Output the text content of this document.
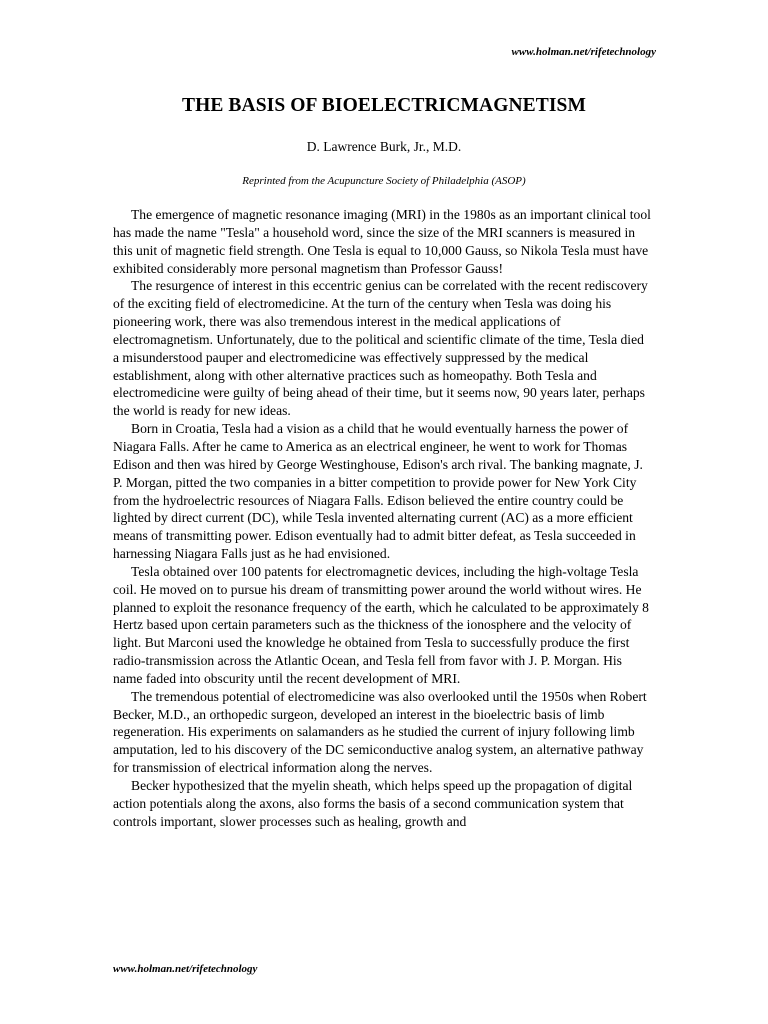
www.holman.net/rifetechnology
THE BASIS OF BIOELECTRICMAGNETISM
D. Lawrence Burk, Jr., M.D.
Reprinted from the Acupuncture Society of Philadelphia (ASOP)

The emergence of magnetic resonance imaging (MRI) in the 1980s as an important clinical tool has made the name "Tesla" a household word, since the size of the MRI scanners is measured in this unit of magnetic field strength. One Tesla is equal to 10,000 Gauss, so Nikola Tesla must have exhibited considerably more personal magnetism than Professor Gauss!

The resurgence of interest in this eccentric genius can be correlated with the recent rediscovery of the exciting field of electromedicine. At the turn of the century when Tesla was doing his pioneering work, there was also tremendous interest in the medical applications of electromagnetism. Unfortunately, due to the political and scientific climate of the time, Tesla died a misunderstood pauper and electromedicine was effectively suppressed by the medical establishment, along with other alternative practices such as homeopathy. Both Tesla and electromedicine were guilty of being ahead of their time, but it seems now, 90 years later, perhaps the world is ready for new ideas.

Born in Croatia, Tesla had a vision as a child that he would eventually harness the power of Niagara Falls. After he came to America as an electrical engineer, he went to work for Thomas Edison and then was hired by George Westinghouse, Edison's arch rival. The banking magnate, J. P. Morgan, pitted the two companies in a bitter competition to provide power for New York City from the hydroelectric resources of Niagara Falls. Edison believed the entire country could be lighted by direct current (DC), while Tesla invented alternating current (AC) as a more efficient means of transmitting power. Edison eventually had to admit bitter defeat, as Tesla succeeded in harnessing Niagara Falls just as he had envisioned.

Tesla obtained over 100 patents for electromagnetic devices, including the high-voltage Tesla coil. He moved on to pursue his dream of transmitting power around the world without wires. He planned to exploit the resonance frequency of the earth, which he calculated to be approximately 8 Hertz based upon certain parameters such as the thickness of the ionosphere and the velocity of light. But Marconi used the knowledge he obtained from Tesla to successfully produce the first radio-transmission across the Atlantic Ocean, and Tesla fell from favor with J. P. Morgan. His name faded into obscurity until the recent development of MRI.

The tremendous potential of electromedicine was also overlooked until the 1950s when Robert Becker, M.D., an orthopedic surgeon, developed an interest in the bioelectric basis of limb regeneration. His experiments on salamanders as he studied the current of injury following limb amputation, led to his discovery of the DC semiconductive analog system, an alternative pathway for transmission of electrical information along the nerves.

Becker hypothesized that the myelin sheath, which helps speed up the propagation of digital action potentials along the axons, also forms the basis of a second communication system that controls important, slower processes such as healing, growth and

www.holman.net/rifetechnology
